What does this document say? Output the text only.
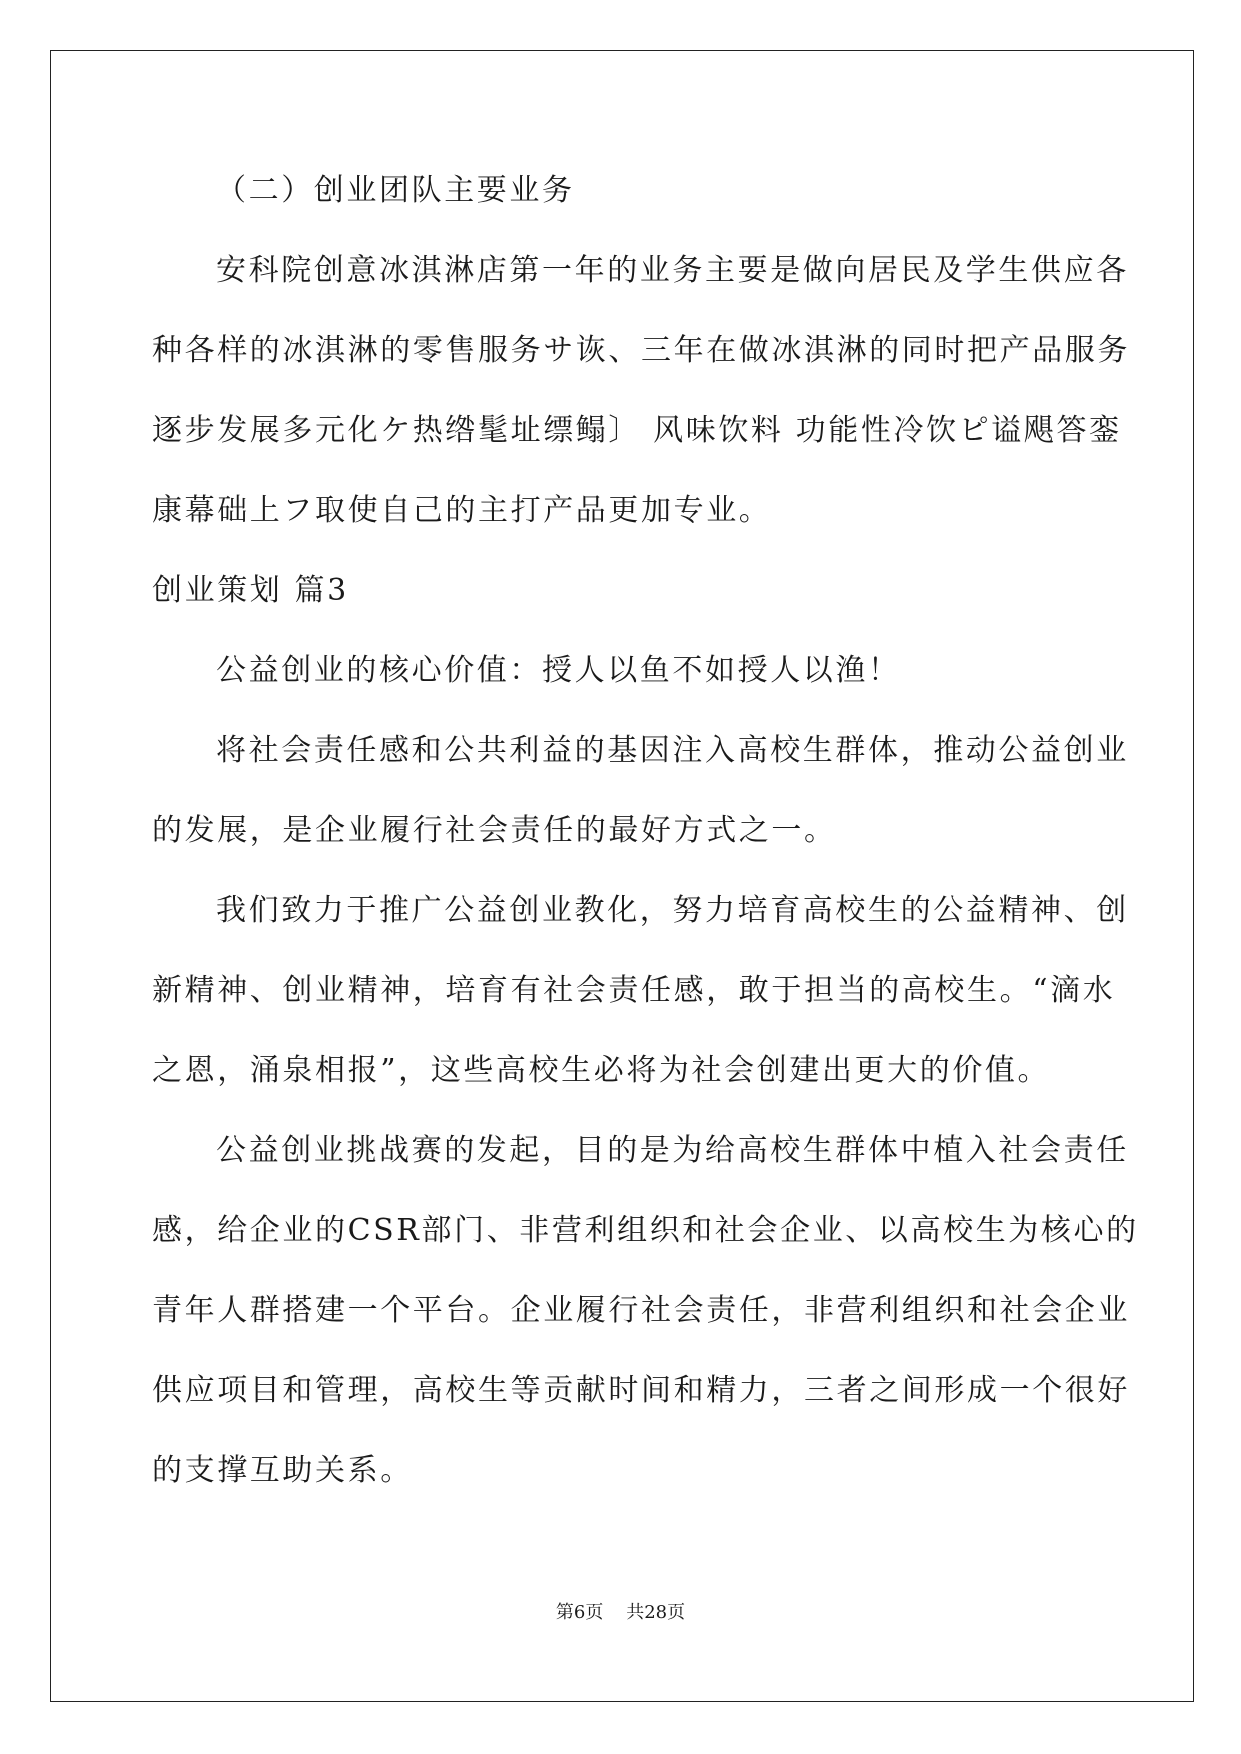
（二）创业团队主要业务
安科院创意冰淇淋店第一年的业务主要是做向居民及学生供应各
种各样的冰淇淋的零售服务サ诙、三年在做冰淇淋的同时把产品服务
逐步发展多元化ケ热绺髦址缥鳎〕 风味饮料 功能性冷饮ピ谥飓答銮
康幕础上フ取使自己的主打产品更加专业。
创业策划 篇3
公益创业的核心价值：授人以鱼不如授人以渔！
将社会责任感和公共利益的基因注入高校生群体，推动公益创业
的发展，是企业履行社会责任的最好方式之一。
我们致力于推广公益创业教化，努力培育高校生的公益精神、创
新精神、创业精神，培育有社会责任感，敢于担当的高校生。“滴水
之恩，涌泉相报”，这些高校生必将为社会创建出更大的价值。
公益创业挑战赛的发起，目的是为给高校生群体中植入社会责任
感，给企业的CSR部门、非营利组织和社会企业、以高校生为核心的
青年人群搭建一个平台。企业履行社会责任，非营利组织和社会企业
供应项目和管理，高校生等贡献时间和精力，三者之间形成一个很好
的支撑互助关系。
第6页    共28页
